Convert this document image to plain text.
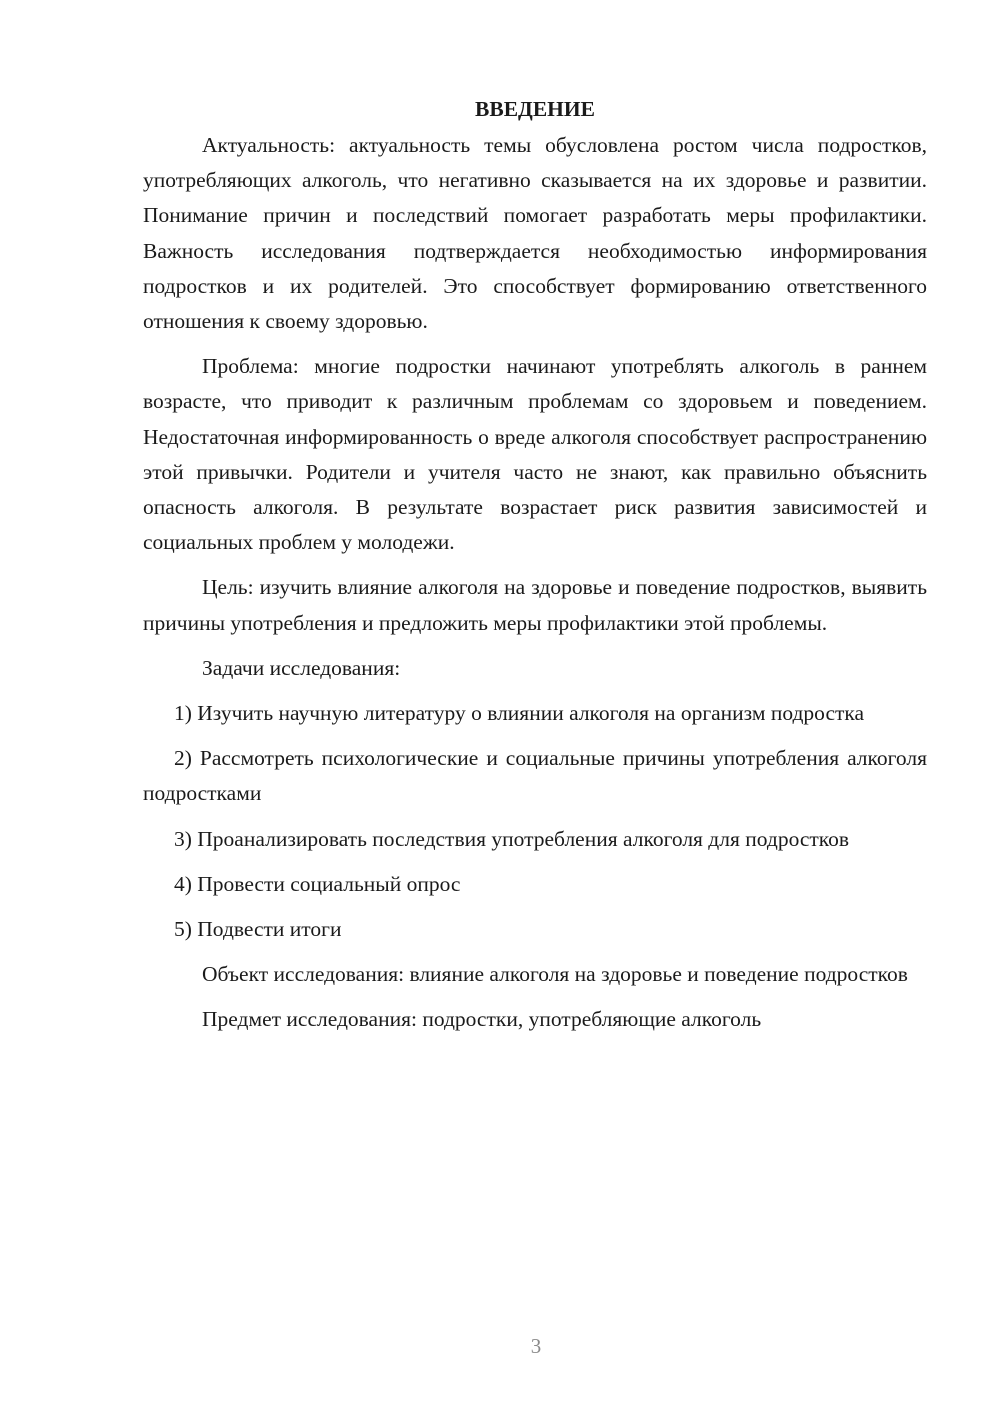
ВВЕДЕНИЕ

Актуальность: актуальность темы обусловлена ростом числа подростков, употребляющих алкоголь, что негативно сказывается на их здоровье и развитии. Понимание причин и последствий помогает разработать меры профилактики. Важность исследования подтверждается необходимостью информирования подростков и их родителей. Это способствует формированию ответственного отношения к своему здоровью.

Проблема: многие подростки начинают употреблять алкоголь в раннем возрасте, что приводит к различным проблемам со здоровьем и поведением. Недостаточная информированность о вреде алкоголя способствует распространению этой привычки. Родители и учителя часто не знают, как правильно объяснить опасность алкоголя. В результате возрастает риск развития зависимостей и социальных проблем у молодежи.

Цель: изучить влияние алкоголя на здоровье и поведение подростков, выявить причины употребления и предложить меры профилактики этой проблемы.

Задачи исследования:

1) Изучить научную литературу о влиянии алкоголя на организм подростка

2) Рассмотреть психологические и социальные причины употребления алкоголя подростками

3) Проанализировать последствия употребления алкоголя для подростков

4) Провести социальный опрос

5) Подвести итоги

Объект исследования: влияние алкоголя на здоровье и поведение подростков

Предмет исследования: подростки, употребляющие алкоголь

3
